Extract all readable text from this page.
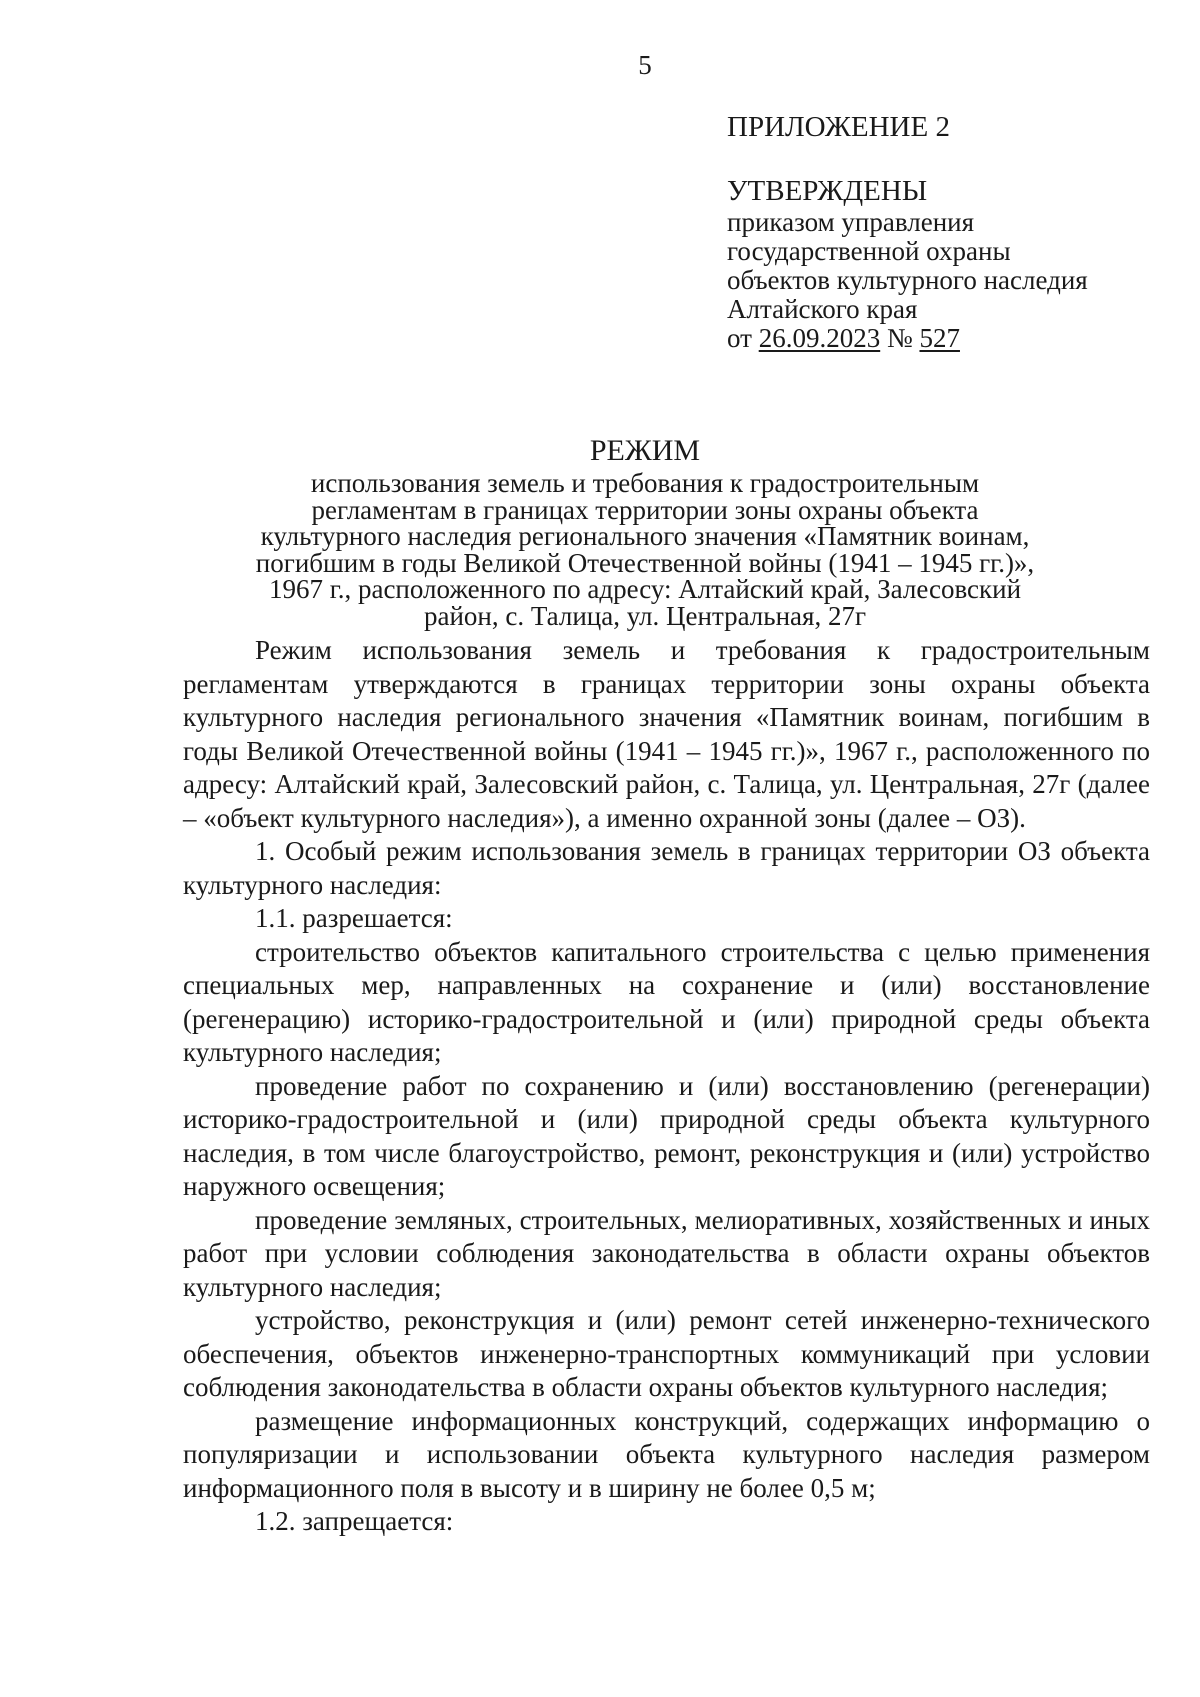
5

ПРИЛОЖЕНИЕ 2

УТВЕРЖДЕНЫ

приказом управления

государственной охраны

объектов культурного наследия

Алтайского края

от 26.09.2023 № 527

РЕЖИМ

использования земель и требования к градостроительным

регламентам в границах территории зоны охраны объекта

культурного наследия регионального значения «Памятник воинам,

погибшим в годы Великой Отечественной войны (1941 – 1945 гг.)»,

1967 г., расположенного по адресу: Алтайский край, Залесовский

район, с. Талица, ул. Центральная, 27г

Режим использования земель и требования к градостроительным регламентам утверждаются в границах территории зоны охраны объекта культурного наследия регионального значения «Памятник воинам, погибшим в годы Великой Отечественной войны (1941 – 1945 гг.)», 1967 г., расположенного по адресу: Алтайский край, Залесовский район, с. Талица, ул. Центральная, 27г (далее – «объект культурного наследия»), а именно охранной зоны (далее – ОЗ).

1. Особый режим использования земель в границах территории ОЗ объекта культурного наследия:

1.1. разрешается:

строительство объектов капитального строительства с целью применения специальных мер, направленных на сохранение и (или) восстановление (регенерацию) историко-градостроительной и (или) природной среды объекта культурного наследия;

проведение работ по сохранению и (или) восстановлению (регенерации) историко-градостроительной и (или) природной среды объекта культурного наследия, в том числе благоустройство, ремонт, реконструкция и (или) устройство наружного освещения;

проведение земляных, строительных, мелиоративных, хозяйственных и иных работ при условии соблюдения законодательства в области охраны объектов культурного наследия;

устройство, реконструкция и (или) ремонт сетей инженерно-технического обеспечения, объектов инженерно-транспортных коммуникаций при условии соблюдения законодательства в области охраны объектов культурного наследия;

размещение информационных конструкций, содержащих информацию о популяризации и использовании объекта культурного наследия размером информационного поля в высоту и в ширину не более 0,5 м;

1.2. запрещается:
